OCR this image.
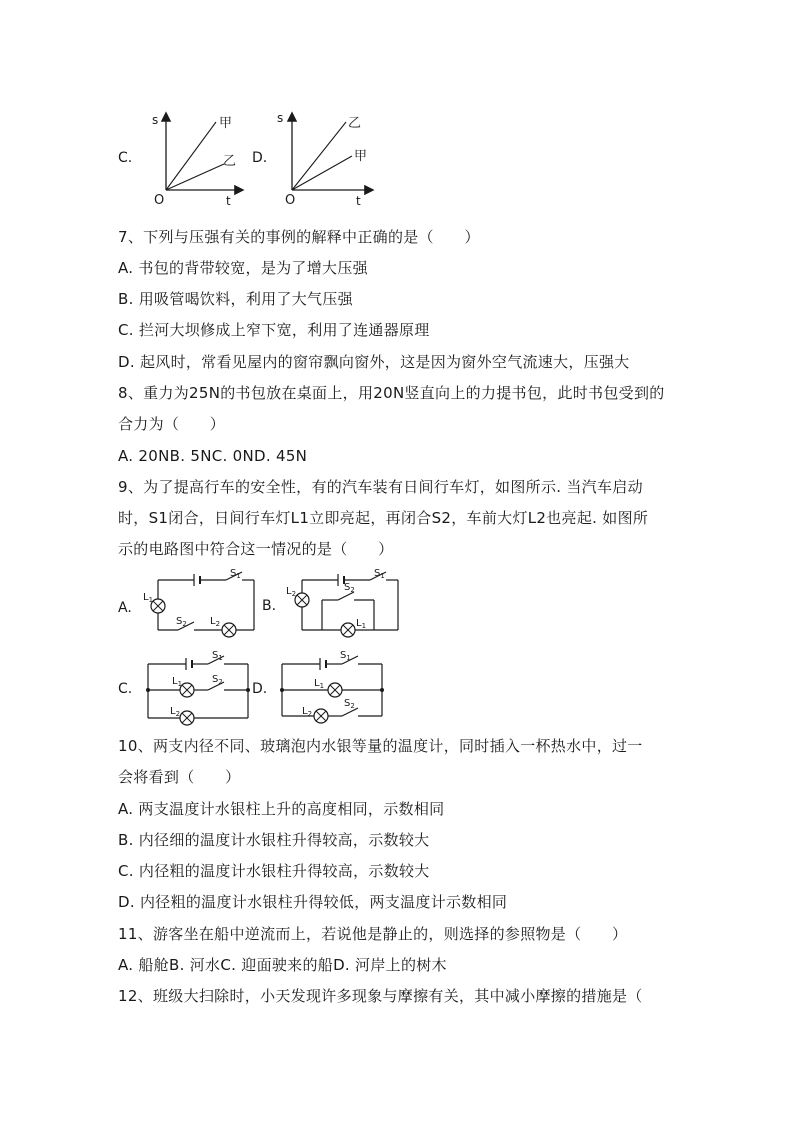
C.
s
t
O
甲
乙 D.
s
t
O
乙
甲
7、下列与压强有关的事例的解释中正确的是（　　）
A. 书包的背带较宽，是为了增大压强
B. 用吸管喝饮料，利用了大气压强
C. 拦河大坝修成上窄下宽，利用了连通器原理
D. 起风时，常看见屋内的窗帘飘向窗外，这是因为窗外空气流速大，压强大
8、重力为25N的书包放在桌面上，用20N竖直向上的力提书包，此时书包受到的
合力为（　　）
A. 20NB. 5NC. 0ND. 45N
9、为了提高行车的安全性，有的汽车装有日间行车灯，如图所示. 当汽车启动
时，S1闭合，日间行车灯L1立即亮起，再闭合S2，车前大灯L2也亮起. 如图所
示的电路图中符合这一情况的是（　　）
A.
$S_1$
$L_1$
$S_2$ $L_2$
B.
$S_1$
$L_2$
$S_2$
$L_1$
C.
$S_1$
$L_1$	$S_2$
$L_2$
D.
$S_1$
$L_1$
$S_2$
$L_2$
10、两支内径不同、玻璃泡内水银等量的温度计，同时插入一杯热水中，过一
会将看到（　　）
A. 两支温度计水银柱上升的高度相同，示数相同
B. 内径细的温度计水银柱升得较高，示数较大
C. 内径粗的温度计水银柱升得较高，示数较大
D. 内径粗的温度计水银柱升得较低，两支温度计示数相同
11、游客坐在船中逆流而上，若说他是静止的，则选择的参照物是（　　）
A. 船舱B. 河水C. 迎面驶来的船D. 河岸上的树木
12、班级大扫除时，小天发现许多现象与摩擦有关，其中减小摩擦的措施是（
